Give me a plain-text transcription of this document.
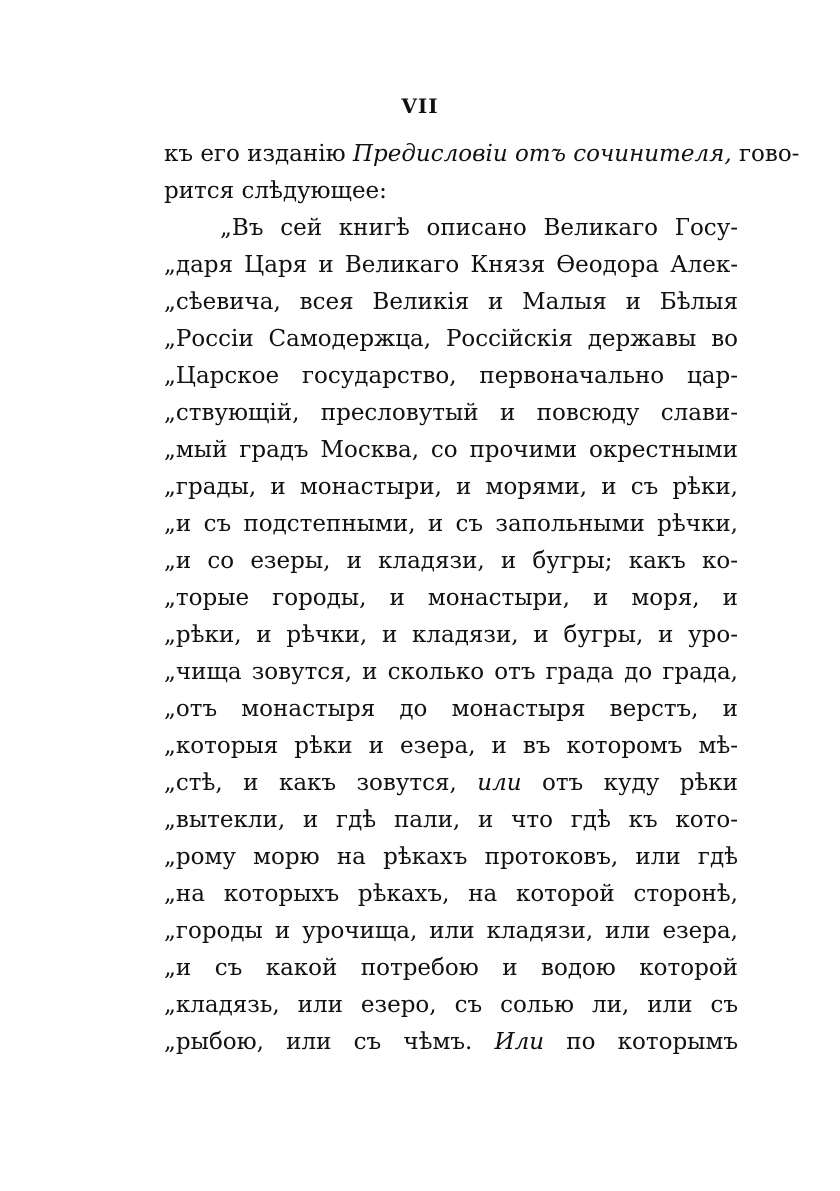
VII
къ его изданію Предисловіи отъ сочинителя, гово-
рится слѣдующее:
„Въ сей книгѣ описано Великаго Госу-
„даря Царя и Великаго Князя Ѳеодора Алек-
„сѣевича, всея Великія и Малыя и Бѣлыя
„Россіи Самодержца, Россійскія державы во
„Царское государство, первоначально цар-
„ствующій, пресловутый и повсюду слави-
„мый градъ Москва, со прочими окрестными
„грады, и монастыри, и морями, и съ рѣки,
„и съ подстепными, и съ запольными рѣчки,
„и со езеры, и кладязи, и бугры; какъ ко-
„торые городы, и монастыри, и моря, и
„рѣки, и рѣчки, и кладязи, и бугры, и уро-
„чища зовутся, и сколько отъ града до града,
„отъ монастыря до монастыря верстъ, и
„которыя рѣки и езера, и въ которомъ мѣ-
„стѣ, и какъ зовутся, или отъ куду рѣки
„вытекли, и гдѣ пали, и что гдѣ къ кото-
„рому морю на рѣкахъ протоковъ, или гдѣ
„на которыхъ рѣкахъ, на которой сторонѣ,
„городы и урочища, или кладязи, или езера,
„и съ какой потребою и водою которой
„кладязь, или езеро, съ солью ли, или съ
„рыбою, или съ чѣмъ. Или по которымъ
